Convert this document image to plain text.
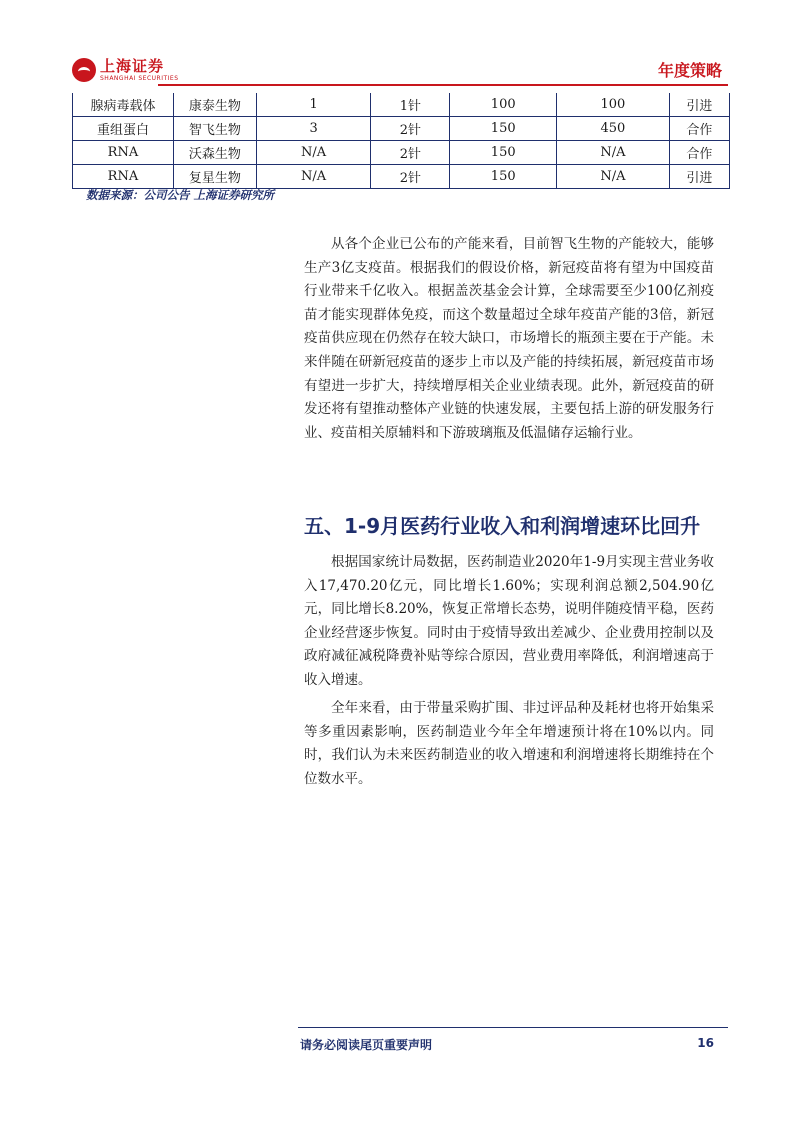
上海证券
SHANGHAI SECURITIES	年度策略
腺病毒载体	康泰生物	1	1针	100	100	引进
重组蛋白	智飞生物	3	2针	150	450	合作
RNA	沃森生物	N/A	2针	150	N/A	合作
RNA	复星生物	N/A	2针	150	N/A	引进
数据来源：公司公告 上海证券研究所

从各个企业已公布的产能来看，目前智飞生物的产能较大，能够生产3亿支疫苗。根据我们的假设价格，新冠疫苗将有望为中国疫苗行业带来千亿收入。根据盖茨基金会计算，全球需要至少100亿剂疫苗才能实现群体免疫，而这个数量超过全球年疫苗产能的3倍，新冠疫苗供应现在仍然存在较大缺口，市场增长的瓶颈主要在于产能。未来伴随在研新冠疫苗的逐步上市以及产能的持续拓展，新冠疫苗市场有望进一步扩大，持续增厚相关企业业绩表现。此外，新冠疫苗的研发还将有望推动整体产业链的快速发展，主要包括上游的研发服务行业、疫苗相关原辅料和下游玻璃瓶及低温储存运输行业。

五、1-9月医药行业收入和利润增速环比回升

根据国家统计局数据，医药制造业2020年1-9月实现主营业务收入17,470.20亿元，同比增长1.60%；实现利润总额2,504.90亿元，同比增长8.20%，恢复正常增长态势，说明伴随疫情平稳，医药企业经营逐步恢复。同时由于疫情导致出差减少、企业费用控制以及政府减征减税降费补贴等综合原因，营业费用率降低，利润增速高于收入增速。

全年来看，由于带量采购扩围、非过评品种及耗材也将开始集采等多重因素影响，医药制造业今年全年增速预计将在10%以内。同时，我们认为未来医药制造业的收入增速和利润增速将长期维持在个位数水平。

请务必阅读尾页重要声明	16
